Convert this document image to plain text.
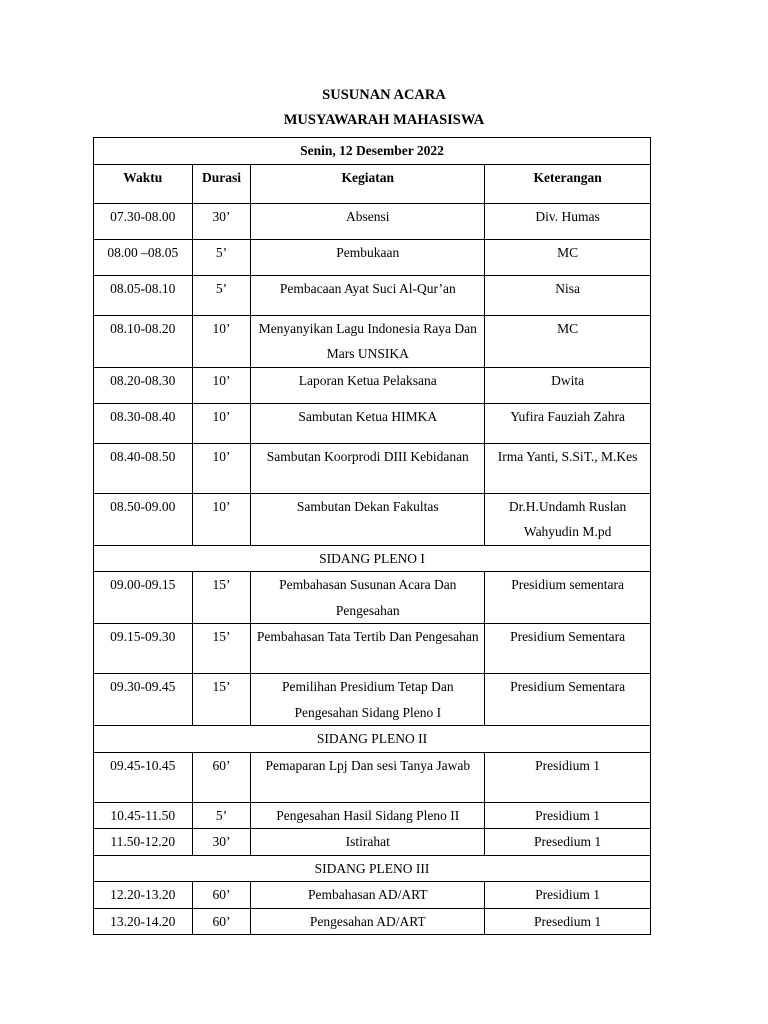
SUSUNAN ACARA
MUSYAWARAH MAHASISWA
Senin, 12 Desember 2022			
Waktu	Durasi	Kegiatan	Keterangan
07.30-08.00	30’	Absensi	Div. Humas
08.00 –08.05	5’	Pembukaan	MC
08.05-08.10	5’	Pembacaan Ayat Suci Al-Qur’an	Nisa
08.10-08.20	10’	Menyanyikan Lagu Indonesia Raya Dan Mars UNSIKA	MC
08.20-08.30	10’	Laporan Ketua Pelaksana	Dwita
08.30-08.40	10’	Sambutan Ketua HIMKA	Yufira Fauziah Zahra
08.40-08.50	10’	Sambutan Koorprodi DIII Kebidanan	Irma Yanti, S.SiT., M.Kes
08.50-09.00	10’	Sambutan Dekan Fakultas	Dr.H.Undamh Ruslan Wahyudin M.pd
SIDANG PLENO I			
09.00-09.15	15’	Pembahasan Susunan Acara Dan Pengesahan	Presidium sementara
09.15-09.30	15’	Pembahasan Tata Tertib Dan Pengesahan	Presidium Sementara
09.30-09.45	15’	Pemilihan Presidium Tetap Dan Pengesahan Sidang Pleno I	Presidium Sementara
SIDANG PLENO II			
09.45-10.45	60’	Pemaparan Lpj Dan sesi Tanya Jawab	Presidium 1
10.45-11.50	5’	Pengesahan Hasil Sidang Pleno II	Presidium 1
11.50-12.20	30’	Istirahat	Presedium 1
SIDANG PLENO III			
12.20-13.20	60’	Pembahasan AD/ART	Presidium 1
13.20-14.20	60’	Pengesahan AD/ART	Presedium 1
